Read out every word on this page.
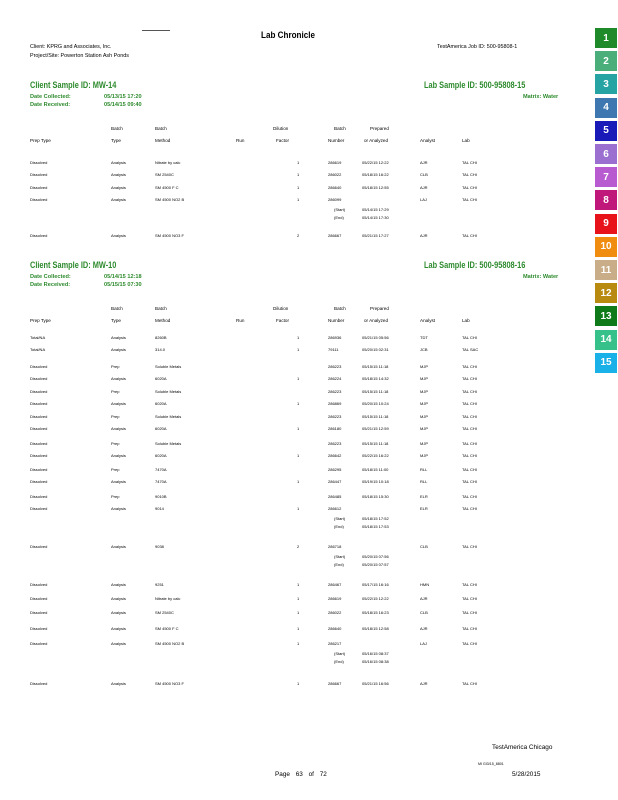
Lab Chronicle
Client: KPRG and Associates, Inc.
Project/Site: Powerton Station Ash Ponds
TestAmerica Job ID: 500-95808-1
1
2
3
4
5
6
7
8
9
10
11
12
13
14
15
Client Sample ID: MW-14	Lab Sample ID: 500-95808-15
Date Collected:	05/13/15 17:20
Date Received:	05/14/15 09:40
Matrix: Water
Batch	Batch	Dilution	Batch	Prepared
Prep Type	Type	Method	Run	Factor	Number	or Analyzed	Analyst	Lab
Dissolved	Analysis	Nitrate by calc	1	286619	05/22/15 12:22	AJR	TAL CHI
Dissolved	Analysis	SM 2540C	1	286022	05/18/15 16:22	CLB	TAL CHI
Dissolved	Analysis	SM 4500 F C	1	286640	05/18/15 12:55	AJR	TAL CHI
Dissolved	Analysis	SM 4500 NO2 B	1	286099	LAJ	TAL CHI
(Start)	05/14/15 17:29
(End)	05/14/15 17:30
Dissolved	Analysis	SM 4500 NO3 F	2	286667	05/21/15 17:27	AJR	TAL CHI
Client Sample ID: MW-10	Lab Sample ID: 500-95808-16
Date Collected:	05/14/15 12:18
Date Received:	05/15/15 07:30
Matrix: Water
Batch	Batch	Dilution	Batch	Prepared
Prep Type	Type	Method	Run	Factor	Number	or Analyzed	Analyst	Lab
Total/NA	Analysis	8260B	1	286936	05/21/15 05:56	TDT	TAL CHI
Total/NA	Analysis	314.0	1	79111	05/20/15 02:31	JCB	TAL SAC
Dissolved	Prep	Soluble Metals	286223	05/15/15 11:18	MJP	TAL CHI
Dissolved	Analysis	6020A	1	286224	05/18/15 14:32	MJP	TAL CHI
Dissolved	Prep	Soluble Metals	286223	05/15/15 11:18	MJP	TAL CHI
Dissolved	Analysis	6020A	1	286869	05/20/15 10:24	MJP	TAL CHI
Dissolved	Prep	Soluble Metals	286223	05/15/15 11:18	MJP	TAL CHI
Dissolved	Analysis	6020A	1	286180	05/21/15 12:59	MJP	TAL CHI
Dissolved	Prep	Soluble Metals	286223	05/15/15 11:18	MJP	TAL CHI
Dissolved	Analysis	6020A	1	286642	05/22/15 16:22	MJP	TAL CHI
Dissolved	Prep	7470A	286295	05/18/15 11:00	RLL	TAL CHI
Dissolved	Analysis	7470A	1	286447	05/19/15 10:18	RLL	TAL CHI
Dissolved	Prep	9010B	286485	05/18/15 15:30	ELR	TAL CHI
Dissolved	Analysis	9014	1	286612	ELR	TAL CHI
(Start)	05/18/15 17:52
(End)	05/18/15 17:53
Dissolved	Analysis	9038	2	286718	CLB	TAL CHI
(Start)	05/20/15 07:56
(End)	05/20/15 07:57
Dissolved	Analysis	9251	1	286467	05/17/15 16:16	HMN	TAL CHI
Dissolved	Analysis	Nitrate by calc	1	286619	05/22/15 12:22	AJR	TAL CHI
Dissolved	Analysis	SM 2540C	1	286022	05/18/15 16:23	CLB	TAL CHI
Dissolved	Analysis	SM 4500 F C	1	286640	05/18/15 12:58	AJR	TAL CHI
Dissolved	Analysis	SM 4500 NO2 B	1	286217	LAJ	TAL CHI
(Start)	05/16/15 08:37
(End)	05/16/15 08:38
Dissolved	Analysis	SM 4500 NO3 F	1	286667	05/21/15 16:56	AJR	TAL CHI
TestAmerica Chicago
MI GI3/15_8801
Page 63 of 72	5/28/2015
